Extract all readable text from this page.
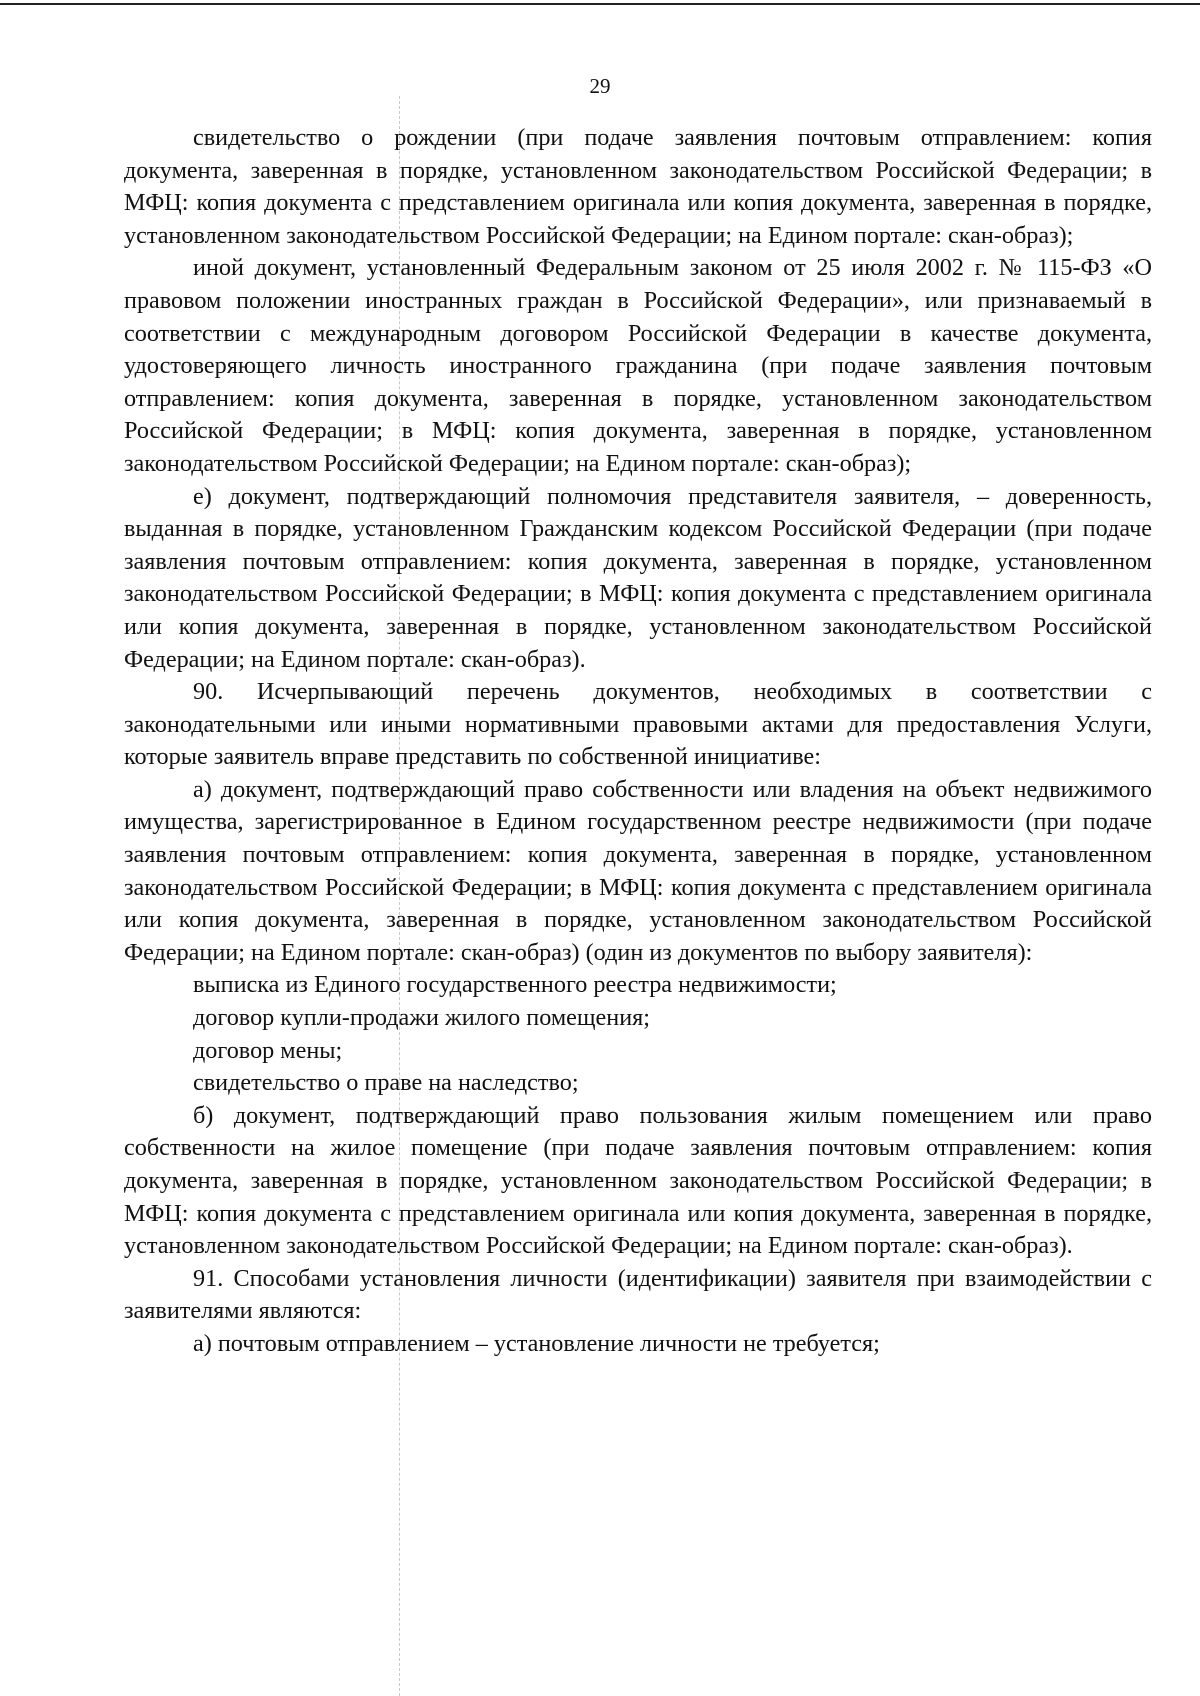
29

свидетельство о рождении (при подаче заявления почтовым отправлением: копия документа, заверенная в порядке, установленном законодательством Российской Федерации; в МФЦ: копия документа с представлением оригинала или копия документа, заверенная в порядке, установленном законодательством Российской Федерации; на Едином портале: скан-образ);

иной документ, установленный Федеральным законом от 25 июля 2002 г. № 115-ФЗ «О правовом положении иностранных граждан в Российской Федерации», или признаваемый в соответствии с международным договором Российской Федерации в качестве документа, удостоверяющего личность иностранного гражданина (при подаче заявления почтовым отправлением: копия документа, заверенная в порядке, установленном законодательством Российской Федерации; в МФЦ: копия документа, заверенная в порядке, установленном законодательством Российской Федерации; на Едином портале: скан-образ);

е) документ, подтверждающий полномочия представителя заявителя, – доверенность, выданная в порядке, установленном Гражданским кодексом Российской Федерации (при подаче заявления почтовым отправлением: копия документа, заверенная в порядке, установленном законодательством Российской Федерации; в МФЦ: копия документа с представлением оригинала или копия документа, заверенная в порядке, установленном законодательством Российской Федерации; на Едином портале: скан-образ).

90. Исчерпывающий перечень документов, необходимых в соответствии с законодательными или иными нормативными правовыми актами для предоставления Услуги, которые заявитель вправе представить по собственной инициативе:

а) документ, подтверждающий право собственности или владения на объект недвижимого имущества, зарегистрированное в Едином государственном реестре недвижимости (при подаче заявления почтовым отправлением: копия документа, заверенная в порядке, установленном законодательством Российской Федерации; в МФЦ: копия документа с представлением оригинала или копия документа, заверенная в порядке, установленном законодательством Российской Федерации; на Едином портале: скан-образ) (один из документов по выбору заявителя):

выписка из Единого государственного реестра недвижимости;

договор купли-продажи жилого помещения;

договор мены;

свидетельство о праве на наследство;

б) документ, подтверждающий право пользования жилым помещением или право собственности на жилое помещение (при подаче заявления почтовым отправлением: копия документа, заверенная в порядке, установленном законодательством Российской Федерации; в МФЦ: копия документа с представлением оригинала или копия документа, заверенная в порядке, установленном законодательством Российской Федерации; на Едином портале: скан-образ).

91. Способами установления личности (идентификации) заявителя при взаимодействии с заявителями являются:

а) почтовым отправлением – установление личности не требуется;
